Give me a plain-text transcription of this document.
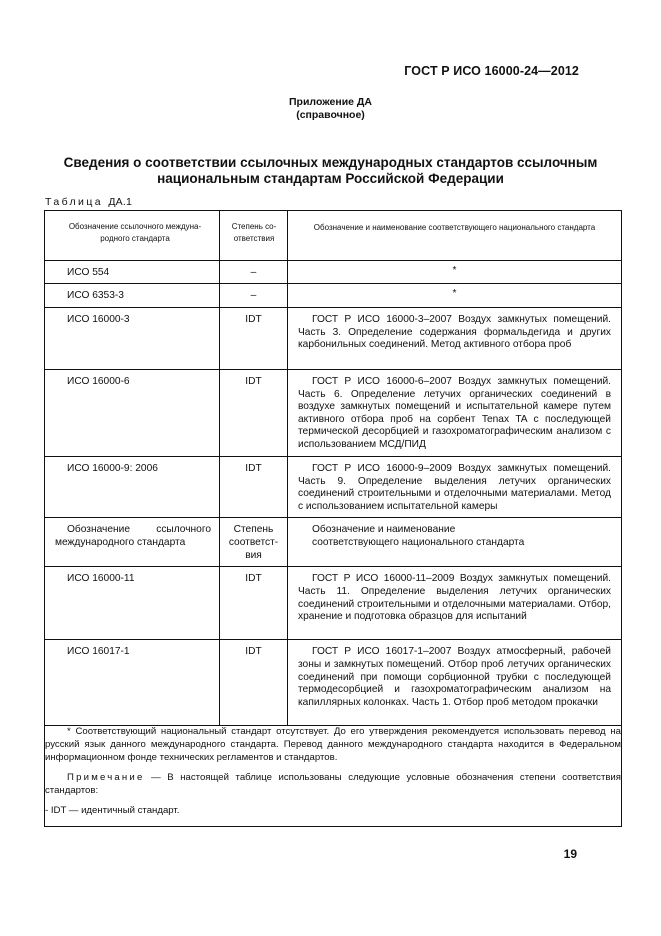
ГОСТ Р ИСО 16000-24—2012
Приложение ДА
(справочное)
Сведения о соответствии ссылочных международных стандартов ссылочным национальным стандартам Российской Федерации
Таблица ДА.1
Обозначение ссылочного междуна- родного стандарта	Степень со- ответствия	Обозначение и наименование соответствующего национального стандарта

ИСО 554	–	*

ИСО 6353-3	–	*

ИСО 16000-3	IDT	ГОСТ Р ИСО 16000-3–2007 Воздух замкнутых помещений. Часть 3. Определение содержания формальдегида и других карбонильных соединений. Метод активного отбора проб

ИСО 16000-6	IDT	ГОСТ Р ИСО 16000-6–2007 Воздух замкнутых помещений. Часть 6. Определение летучих органических соединений в воздухе замкнутых помещений и испытательной камере путем активного отбора проб на сорбент Tenax TA с последующей термической десорбцией и газохроматографическим анализом с использованием МСД/ПИД

ИСО 16000-9: 2006	IDT	ГОСТ Р ИСО 16000-9–2009 Воздух замкнутых помещений. Часть 9. Определение выделения летучих органических соединений строительными и отделочными материалами. Метод с использованием испытательной камеры

Обозначение ссылочного международного стандарта	Степень соответст- вия	Обозначение и наименование
соответствующего национального стандарта

ИСО 16000-11	IDT	ГОСТ Р ИСО 16000-11–2009 Воздух замкнутых помещений. Часть 11. Определение выделения летучих органических соединений строительными и отделочными материалами. Отбор, хранение и подготовка образцов для испытаний

ИСО 16017-1	IDT	ГОСТ Р ИСО 16017-1–2007 Воздух атмосферный, рабочей зоны и замкнутых помещений. Отбор проб летучих органических соединений при помощи сорбционной трубки с последующей термодесорбцией и газохроматографическим анализом на капиллярных колонках. Часть 1. Отбор проб методом прокачки

* Соответствующий национальный стандарт отсутствует. До его утверждения рекомендуется использовать перевод на русский язык данного международного стандарта. Перевод данного международного стандарта находится в Федеральном информационном фонде технических регламентов и стандартов.

Примечание — В настоящей таблице использованы следующие условные обозначения степени соответствия стандартов:

- IDT — идентичный стандарт.		

19
